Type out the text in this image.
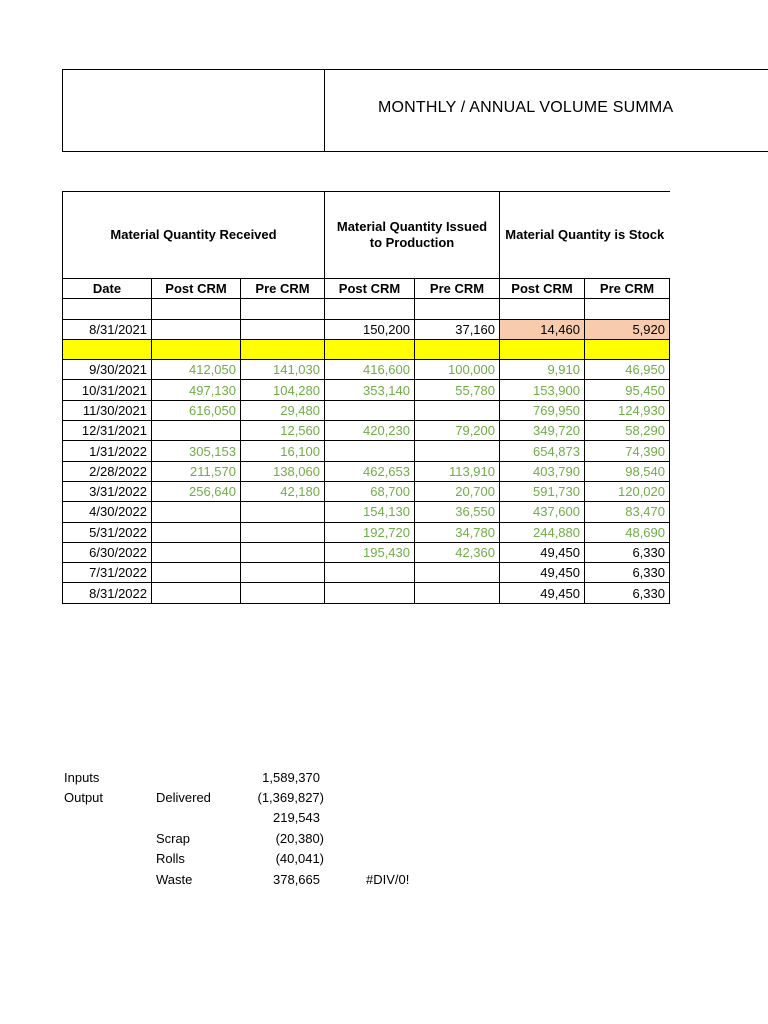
MONTHLY / ANNUAL VOLUME SUMMA
Material Quantity Received			Material Quantity Issued to Production		Material Quantity is Stock	
Date	Post CRM	Pre CRM	Post CRM	Pre CRM	Post CRM	Pre CRM

8/31/2021			150,200	37,160	14,460	5,920

9/30/2021	412,050	141,030	416,600	100,000	9,910	46,950
10/31/2021	497,130	104,280	353,140	55,780	153,900	95,450
11/30/2021	616,050	29,480			769,950	124,930
12/31/2021		12,560	420,230	79,200	349,720	58,290
1/31/2022	305,153	16,100			654,873	74,390
2/28/2022	211,570	138,060	462,653	113,910	403,790	98,540
3/31/2022	256,640	42,180	68,700	20,700	591,730	120,020
4/30/2022			154,130	36,550	437,600	83,470
5/31/2022			192,720	34,780	244,880	48,690
6/30/2022			195,430	42,360	49,450	6,330
7/31/2022					49,450	6,330
8/31/2022					49,450	6,330
Inputs	1,589,370
Output	Delivered	(1,369,827)
219,543
Scrap	(20,380)
Rolls	(40,041)
Waste	378,665	#DIV/0!
